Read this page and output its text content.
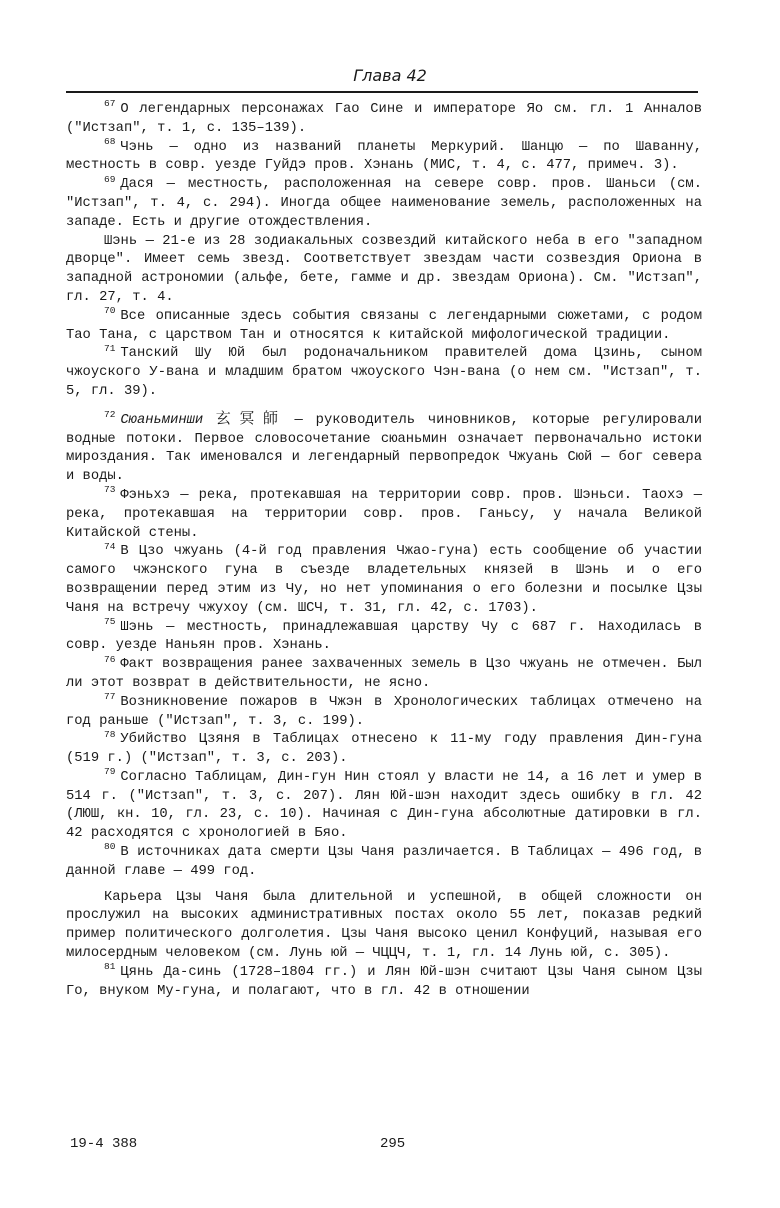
Глава 42

$^{67}$ О легендарных персонажах Гао Сине и императоре Яо см. гл. 1 Анналов ("Истзап", т. 1, с. 135–139).

$^{68}$ Чэнь — одно из названий планеты Меркурий. Шанцю — по Шаванну, местность в совр. уезде Гуйдэ пров. Хэнань (МИС, т. 4, с. 477, примеч. 3).

$^{69}$ Дася — местность, расположенная на севере совр. пров. Шаньси (см. "Истзап", т. 4, с. 294). Иногда общее наименование земель, расположенных на западе. Есть и другие отождествления.

Шэнь — 21-е из 28 зодиакальных созвездий китайского неба в его "западном дворце". Имеет семь звезд. Соответствует звездам части созвездия Ориона в западной астрономии (альфе, бете, гамме и др. звездам Ориона). См. "Истзап", гл. 27, т. 4.

$^{70}$ Все описанные здесь события связаны с легендарными сюжетами, с родом Тао Тана, с царством Тан и относятся к китайской мифологической традиции.

$^{71}$ Танский Шу Юй был родоначальником правителей дома Цзинь, сыном чжоуского У-вана и младшим братом чжоуского Чэн-вана (о нем см. "Истзап", т. 5, гл. 39).

$^{72}$ Сюаньминши 玄冥師 — руководитель чиновников, которые регулировали водные потоки. Первое словосочетание сюаньмин означает первоначально истоки мироздания. Так именовался и легендарный первопредок Чжуань Сюй — бог севера и воды.

$^{73}$ Фэньхэ — река, протекавшая на территории совр. пров. Шэньси. Таохэ — река, протекавшая на территории совр. пров. Ганьсу, у начала Великой Китайской стены.

$^{74}$ В Цзо чжуань (4-й год правления Чжао-гуна) есть сообщение об участии самого чжэнского гуна в съезде владетельных князей в Шэнь и о его возвращении перед этим из Чу, но нет упоминания о его болезни и посылке Цзы Чаня на встречу чжухоу (см. ШСЧ, т. 31, гл. 42, с. 1703).

$^{75}$ Шэнь — местность, принадлежавшая царству Чу с 687 г. Находилась в совр. уезде Наньян пров. Хэнань.

$^{76}$ Факт возвращения ранее захваченных земель в Цзо чжуань не отмечен. Был ли этот возврат в действительности, не ясно.

$^{77}$ Возникновение пожаров в Чжэн в Хронологических таблицах отмечено на год раньше ("Истзап", т. 3, с. 199).

$^{78}$ Убийство Цзяня в Таблицах отнесено к 11-му году правления Дин-гуна (519 г.) ("Истзап", т. 3, с. 203).

$^{79}$ Согласно Таблицам, Дин-гун Нин стоял у власти не 14, а 16 лет и умер в 514 г. ("Истзап", т. 3, с. 207). Лян Юй-шэн находит здесь ошибку в гл. 42 (ЛЮШ, кн. 10, гл. 23, с. 10). Начиная с Дин-гуна абсолютные датировки в гл. 42 расходятся с хронологией в Бяо.

$^{80}$ В источниках дата смерти Цзы Чаня различается. В Таблицах — 496 год, в данной главе — 499 год.

Карьера Цзы Чаня была длительной и успешной, в общей сложности он прослужил на высоких административных постах около 55 лет, показав редкий пример политического долголетия. Цзы Чаня высоко ценил Конфуций, называя его милосердным человеком (см. Лунь юй — ЧЦЦЧ, т. 1, гл. 14 Лунь юй, с. 305).

$^{81}$ Цянь Да-синь (1728–1804 гг.) и Лян Юй-шэн считают Цзы Чаня сыном Цзы Го, внуком Му-гуна, и полагают, что в гл. 42 в отношении

19-4 388	295
